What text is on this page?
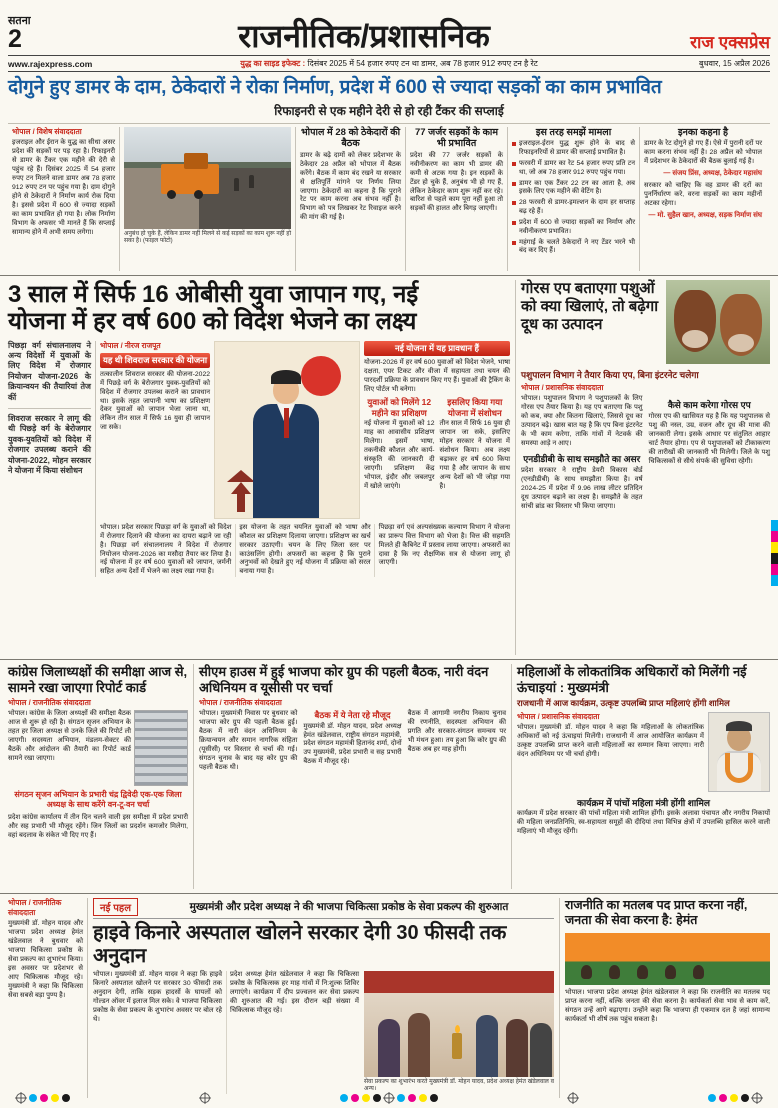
सतना
2	राजनीतिक/प्रशासनिक	राज एक्सप्रेस
www.rajexpress.com	युद्ध का साइड इफेक्ट : दिसंबर 2025 में 54 हजार रुपए टन था डामर, अब 78 हजार 912 रुपए टन है रेट	बुधवार, 15 अप्रैल 2026
दोगुने हुए डामर के दाम, ठेकेदारों ने रोका निर्माण, प्रदेश में 600 से ज्यादा सड़कों का काम प्रभावित
रिफाइनरी से एक महीने देरी से हो रही टैंकर की सप्लाई
भोपाल / विशेष संवाददाता

इजराइल और ईरान के युद्ध का सीधा असर प्रदेश की सड़कों पर पड़ रहा है। रिफाइनरी से डामर के टैंकर एक महीने की देरी से पहुंच रहे हैं। दिसंबर 2025 में 54 हजार रुपए टन मिलने वाला डामर अब 78 हजार 912 रुपए टन पर पहुंच गया है। दाम दोगुने होने से ठेकेदारों ने निर्माण कार्य रोक दिया है। इससे प्रदेश में 600 से ज्यादा सड़कों का काम प्रभावित हो गया है। लोक निर्माण विभाग के अफसर भी मानते हैं कि सप्लाई सामान्य होने में अभी समय लगेगा।	अनुबंध हो चुके हैं, लेकिन डामर नहीं मिलने से कई सड़कों का काम शुरू नहीं हो सका है। (फाइल फोटो)
भोपाल में 28 को ठेकेदारों की बैठक

डामर के बढ़े दामों को लेकर प्रदेशभर के ठेकेदार 28 अप्रैल को भोपाल में बैठक करेंगे। बैठक में काम बंद रखने या सरकार से क्षतिपूर्ति मांगने पर निर्णय लिया जाएगा। ठेकेदारों का कहना है कि पुराने रेट पर काम करना अब संभव नहीं है। विभाग को पत्र लिखकर रेट रिवाइज करने की मांग की गई है।

77 जर्जर सड़कों के काम भी प्रभावित

प्रदेश की 77 जर्जर सड़कों के नवीनीकरण का काम भी डामर की कमी से अटक गया है। इन सड़कों के टेंडर हो चुके हैं, अनुबंध भी हो गए हैं, लेकिन ठेकेदार काम शुरू नहीं कर रहे। बारिश से पहले काम पूरा नहीं हुआ तो सड़कों की हालत और बिगड़ जाएगी।

इस तरह समझें मामला
इजराइल-ईरान युद्ध शुरू होने के बाद से रिफाइनरियों से डामर की सप्लाई प्रभावित है।
फरवरी में डामर का रेट 54 हजार रुपए प्रति टन था, जो अब 78 हजार 912 रुपए पहुंच गया।
डामर का एक टैंकर 22 टन का आता है, अब इसके लिए एक महीने की वेटिंग है।
28 फरवरी से डामर-इमल्शन के दाम हर सप्ताह बढ़ रहे हैं।
प्रदेश में 600 से ज्यादा सड़कों का निर्माण और नवीनीकरण प्रभावित।
महंगाई के चलते ठेकेदारों ने नए टेंडर भरने भी बंद कर दिए हैं।
इनका कहना है

डामर के रेट दोगुने हो गए हैं। ऐसे में पुरानी दरों पर काम करना संभव नहीं है। 28 अप्रैल को भोपाल में प्रदेशभर के ठेकेदारों की बैठक बुलाई गई है।

— संजय प्रिंस, अध्यक्ष, ठेकेदार महासंघ

सरकार को चाहिए कि वह डामर की दरों का पुनर्निर्धारण करे, वरना सड़कों का काम महीनों अटका रहेगा।

— मो. सुहैल खान, अध्यक्ष, सड़क निर्माण संघ
3 साल में सिर्फ 16 ओबीसी युवा जापान गए, नई
योजना में हर वर्ष 600 को विदेश भेजने का लक्ष्य

पिछड़ा वर्ग संचालनालय ने अन्य विदेशों में युवाओं के लिए विदेश में रोजगार नियोजन योजना-2026 के क्रियान्वयन की तैयारियां तेज कीं

शिवराज सरकार ने लागू की थी पिछड़े वर्ग के बेरोजगार युवक-युवतियों को विदेश में रोजगार उपलब्ध कराने की योजना-2022, मोहन सरकार ने योजना में किया संशोधन

भोपाल / नीरज राजपूत
यह थी शिवराज सरकार की योजना

तत्कालीन शिवराज सरकार की योजना-2022 में पिछड़े वर्ग के बेरोजगार युवक-युवतियों को विदेश में रोजगार उपलब्ध कराने का प्रावधान था। इसके तहत जापानी भाषा का प्रशिक्षण देकर युवाओं को जापान भेजा जाना था, लेकिन तीन साल में सिर्फ 16 युवा ही जापान जा सके।

नई योजना में यह प्रावधान हैं

योजना-2026 में हर वर्ष 600 युवाओं को विदेश भेजने, भाषा दक्षता, एयर टिकट और वीजा में सहायता तथा चयन की पारदर्शी प्रक्रिया के प्रावधान किए गए हैं। युवाओं की ट्रैकिंग के लिए पोर्टल भी बनेगा।

युवाओं को मिलेंगे 12 महीने का प्रशिक्षण

नई योजना में युवाओं को 12 माह का आवासीय प्रशिक्षण मिलेगा। इसमें भाषा, तकनीकी कौशल और कार्य-संस्कृति की जानकारी दी जाएगी। प्रशिक्षण केंद्र भोपाल, इंदौर और जबलपुर में खोले जाएंगे।

इसलिए किया गया योजना में संशोधन

तीन साल में सिर्फ 16 युवा ही जापान जा सके, इसलिए मोहन सरकार ने योजना में संशोधन किया। अब लक्ष्य बढ़ाकर हर वर्ष 600 किया गया है और जापान के साथ अन्य देशों को भी जोड़ा गया है।

भोपाल। प्रदेश सरकार पिछड़ा वर्ग के युवाओं को विदेश में रोजगार दिलाने की योजना का दायरा बढ़ाने जा रही है। पिछड़ा वर्ग संचालनालय ने विदेश में रोजगार नियोजन योजना-2026 का मसौदा तैयार कर लिया है। नई योजना में हर वर्ष 600 युवाओं को जापान, जर्मनी सहित अन्य देशों में भेजने का लक्ष्य रखा गया है।

इस योजना के तहत चयनित युवाओं को भाषा और कौशल का प्रशिक्षण दिलाया जाएगा। प्रशिक्षण का खर्च सरकार उठाएगी। चयन के लिए जिला स्तर पर काउंसलिंग होगी। अफसरों का कहना है कि पुराने अनुभवों को देखते हुए नई योजना में प्रक्रिया को सरल बनाया गया है।

पिछड़ा वर्ग एवं अल्पसंख्यक कल्याण विभाग ने योजना का प्रारूप वित्त विभाग को भेजा है। वित्त की सहमति मिलते ही कैबिनेट में प्रस्ताव लाया जाएगा। अफसरों का दावा है कि नए शैक्षणिक सत्र से योजना लागू हो जाएगी।

गोरस एप बताएगा पशुओं को क्या खिलाएं, तो बढ़ेगा दूध का उत्पादन
पशुपालन विभाग ने तैयार किया एप, बिना इंटरनेट चलेगा
भोपाल / प्रशासनिक संवाददाता

भोपाल। पशुपालन विभाग ने पशुपालकों के लिए गोरस एप तैयार किया है। यह एप बताएगा कि पशु को कब, क्या और कितना खिलाएं, जिससे दूध का उत्पादन बढ़े। खास बात यह है कि एप बिना इंटरनेट के भी काम करेगा, ताकि गांवों में नेटवर्क की समस्या आड़े न आए।

एनडीडीबी के साथ समझौते का असर

प्रदेश सरकार ने राष्ट्रीय डेयरी विकास बोर्ड (एनडीडीबी) के साथ समझौता किया है। वर्ष 2024-25 में प्रदेश में 9.96 लाख लीटर प्रतिदिन दूध उत्पादन बढ़ाने का लक्ष्य है। समझौते के तहत सांची ब्रांड का विस्तार भी किया जाएगा।

कैसे काम करेगा गोरस एप

गोरस एप की खासियत यह है कि यह पशुपालक से पशु की नस्ल, उम्र, वजन और दूध की मात्रा की जानकारी लेगा। इसके आधार पर संतुलित आहार चार्ट तैयार होगा। एप से पशुपालकों को टीकाकरण की तारीखों की जानकारी भी मिलेगी। जिले के पशु चिकित्सकों से सीधे संपर्क की सुविधा रहेगी।

कांग्रेस जिलाध्यक्षों की समीक्षा आज से, सामने रखा जाएगा रिपोर्ट कार्ड
भोपाल / राजनीतिक संवाददाता

भोपाल। कांग्रेस के जिला अध्यक्षों की समीक्षा बैठक आज से शुरू हो रही है। संगठन सृजन अभियान के तहत हर जिला अध्यक्ष से उनके जिले की रिपोर्ट ली जाएगी। सदस्यता अभियान, मंडलम-सेक्टर की बैठकें और आंदोलन की तैयारी का रिपोर्ट कार्ड सामने रखा जाएगा।

संगठन सृजन अभियान के प्रभारी चंद्र द्विवेदी एक-एक जिला अध्यक्ष के साथ करेंगे वन-टू-वन चर्चा

प्रदेश कांग्रेस कार्यालय में तीन दिन चलने वाली इस समीक्षा में प्रदेश प्रभारी और सह प्रभारी भी मौजूद रहेंगे। जिन जिलों का प्रदर्शन कमजोर मिलेगा, वहां बदलाव के संकेत भी दिए गए हैं।

सीएम हाउस में हुई भाजपा कोर ग्रुप की पहली बैठक, नारी वंदन अधिनियम व यूसीसी पर चर्चा
भोपाल / राजनीतिक संवाददाता

भोपाल। मुख्यमंत्री निवास पर बुधवार को भाजपा कोर ग्रुप की पहली बैठक हुई। बैठक में नारी वंदन अधिनियम के क्रियान्वयन और समान नागरिक संहिता (यूसीसी) पर विस्तार से चर्चा की गई। संगठन चुनाव के बाद यह कोर ग्रुप की पहली बैठक थी।

बैठक में ये नेता रहे मौजूद

मुख्यमंत्री डॉ. मोहन यादव, प्रदेश अध्यक्ष हेमंत खंडेलवाल, राष्ट्रीय संगठन महामंत्री, प्रदेश संगठन महामंत्री हितानंद शर्मा, दोनों उप मुख्यमंत्री, प्रदेश प्रभारी व सह प्रभारी बैठक में मौजूद रहे।

बैठक में आगामी नगरीय निकाय चुनाव की रणनीति, सदस्यता अभियान की प्रगति और सरकार-संगठन समन्वय पर भी मंथन हुआ। तय हुआ कि कोर ग्रुप की बैठक अब हर माह होगी।

महिलाओं के लोकतांत्रिक अधिकारों को मिलेंगी नई ऊंचाइयां : मुख्यमंत्री
राजधानी में आज कार्यक्रम, उत्कृष्ट उपलब्धि प्राप्त महिलाएं होंगी शामिल
भोपाल / प्रशासनिक संवाददाता

भोपाल। मुख्यमंत्री डॉ. मोहन यादव ने कहा कि महिलाओं के लोकतांत्रिक अधिकारों को नई ऊंचाइयां मिलेंगी। राजधानी में आज आयोजित कार्यक्रम में उत्कृष्ट उपलब्धि प्राप्त करने वाली महिलाओं का सम्मान किया जाएगा। नारी वंदन अधिनियम पर भी चर्चा होगी।

कार्यक्रम में पांचों महिला मंत्री होंगी शामिल

कार्यक्रम में प्रदेश सरकार की पांचों महिला मंत्री शामिल होंगी। इसके अलावा पंचायत और नगरीय निकायों की महिला जनप्रतिनिधि, स्व-सहायता समूहों की दीदियां तथा विभिन्न क्षेत्रों में उपलब्धि हासिल करने वाली महिलाएं भी मौजूद रहेंगी।

भोपाल / राजनीतिक संवाददाता

मुख्यमंत्री डॉ. मोहन यादव और भाजपा प्रदेश अध्यक्ष हेमंत खंडेलवाल ने बुधवार को भाजपा चिकित्सा प्रकोष्ठ के सेवा प्रकल्प का शुभारंभ किया। इस अवसर पर प्रदेशभर से आए चिकित्सक मौजूद रहे। मुख्यमंत्री ने कहा कि चिकित्सा सेवा सबसे बड़ा पुण्य है।

नई पहल	मुख्यमंत्री और प्रदेश अध्यक्ष ने की भाजपा चिकित्सा प्रकोष्ठ के सेवा प्रकल्प की शुरुआत
हाइवे किनारे अस्पताल खोलने सरकार देगी 30 फीसदी तक अनुदान

भोपाल। मुख्यमंत्री डॉ. मोहन यादव ने कहा कि हाइवे किनारे अस्पताल खोलने पर सरकार 30 फीसदी तक अनुदान देगी, ताकि सड़क हादसों के घायलों को गोल्डन ऑवर में इलाज मिल सके। वे भाजपा चिकित्सा प्रकोष्ठ के सेवा प्रकल्प के शुभारंभ अवसर पर बोल रहे थे।

प्रदेश अध्यक्ष हेमंत खंडेलवाल ने कहा कि चिकित्सा प्रकोष्ठ के चिकित्सक हर माह गांवों में नि:शुल्क शिविर लगाएंगे। कार्यक्रम में दीप प्रज्वलन कर सेवा प्रकल्प की शुरुआत की गई। इस दौरान बड़ी संख्या में चिकित्सक मौजूद रहे।

सेवा प्रकल्प का शुभारंभ करते मुख्यमंत्री डॉ. मोहन यादव, प्रदेश अध्यक्ष हेमंत खंडेलवाल व अन्य।
राजनीति का मतलब पद प्राप्त करना नहीं, जनता की सेवा करना है: हेमंत

भोपाल। भाजपा प्रदेश अध्यक्ष हेमंत खंडेलवाल ने कहा कि राजनीति का मतलब पद प्राप्त करना नहीं, बल्कि जनता की सेवा करना है। कार्यकर्ता सेवा भाव से काम करें, संगठन उन्हें आगे बढ़ाएगा। उन्होंने कहा कि भाजपा ही एकमात्र दल है जहां सामान्य कार्यकर्ता भी शीर्ष तक पहुंच सकता है।
